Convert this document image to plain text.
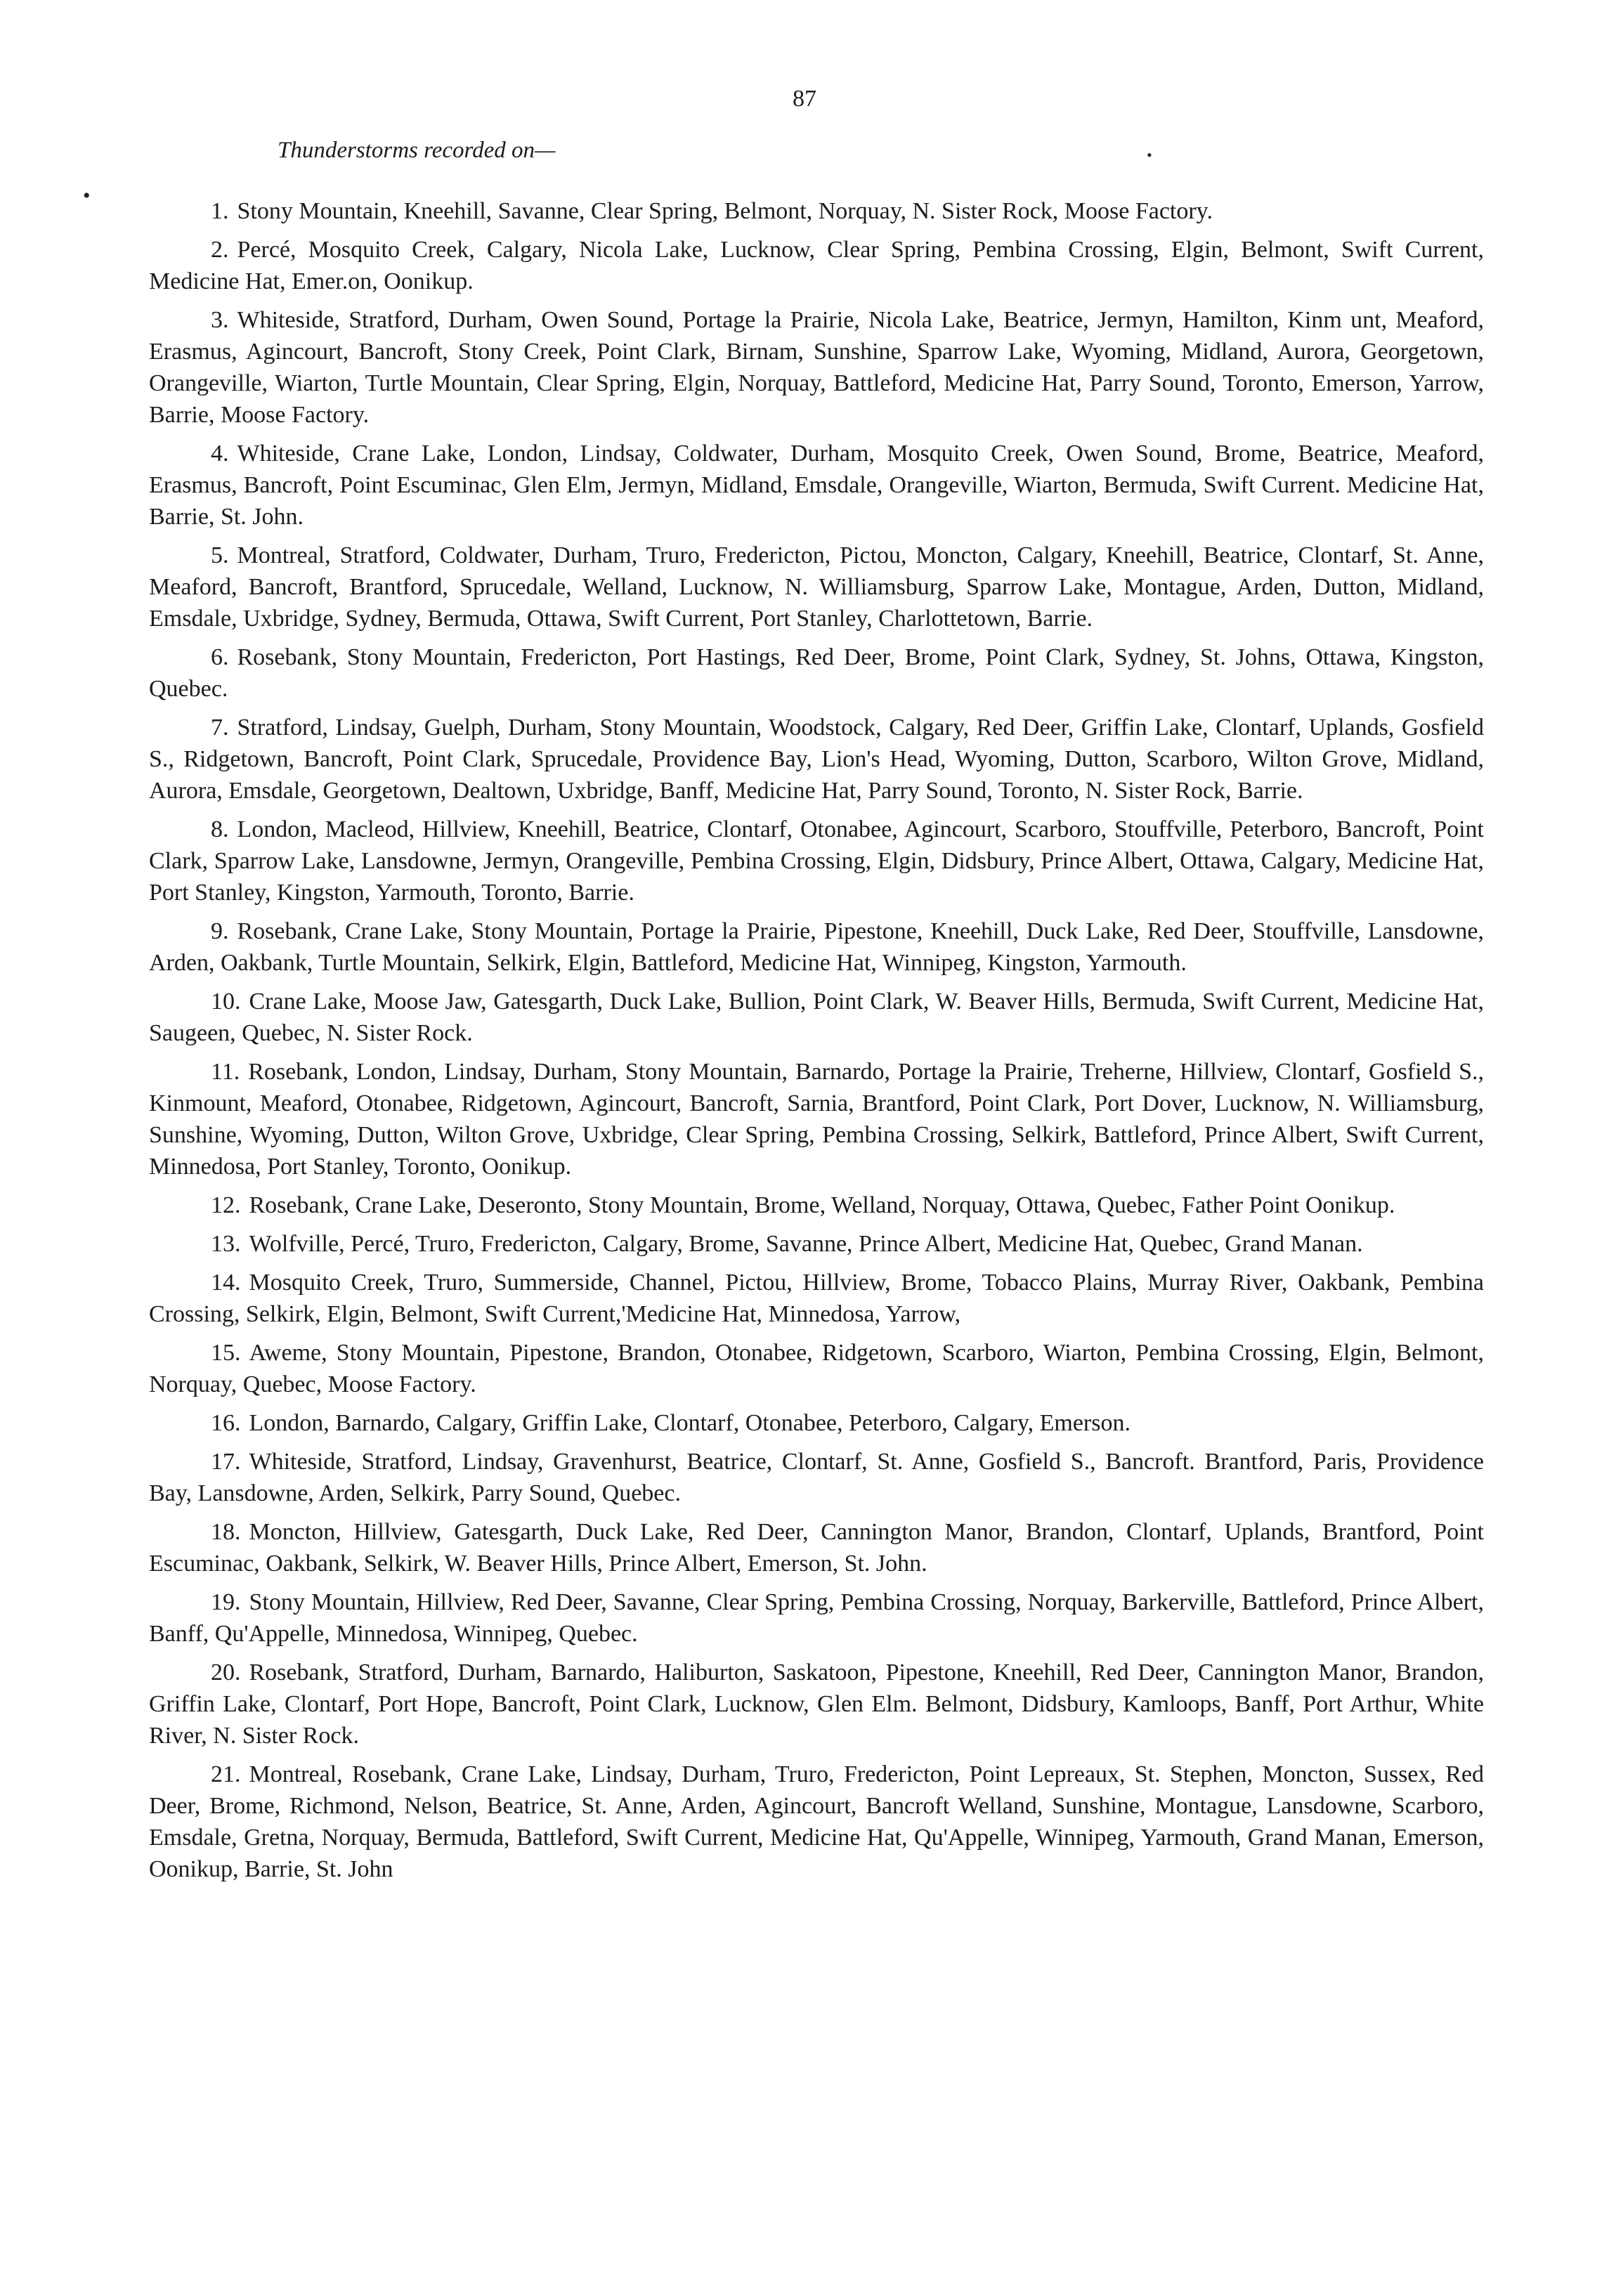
87
Thunderstorms recorded on—
•
•

1. Stony Mountain, Kneehill, Savanne, Clear Spring, Belmont, Norquay, N. Sister Rock, Moose Factory.

2. Percé, Mosquito Creek, Calgary, Nicola Lake, Lucknow, Clear Spring, Pembina Crossing, Elgin, Belmont, Swift Current, Medicine Hat, Emer.on, Oonikup.

3. Whiteside, Stratford, Durham, Owen Sound, Portage la Prairie, Nicola Lake, Beatrice, Jermyn, Hamilton, Kinm unt, Meaford, Erasmus, Agincourt, Bancroft, Stony Creek, Point Clark, Birnam, Sunshine, Sparrow Lake, Wyoming, Midland, Aurora, Georgetown, Orangeville, Wiarton, Turtle Mountain, Clear Spring, Elgin, Norquay, Battleford, Medicine Hat, Parry Sound, Toronto, Emerson, Yarrow, Barrie, Moose Factory.

4. Whiteside, Crane Lake, London, Lindsay, Coldwater, Durham, Mosquito Creek, Owen Sound, Brome, Beatrice, Meaford, Erasmus, Bancroft, Point Escuminac, Glen Elm, Jermyn, Midland, Emsdale, Orangeville, Wiarton, Bermuda, Swift Current. Medicine Hat, Barrie, St. John.

5. Montreal, Stratford, Coldwater, Durham, Truro, Fredericton, Pictou, Moncton, Calgary, Kneehill, Beatrice, Clontarf, St. Anne, Meaford, Bancroft, Brantford, Sprucedale, Welland, Lucknow, N. Williamsburg, Sparrow Lake, Montague, Arden, Dutton, Midland, Emsdale, Uxbridge, Sydney, Bermuda, Ottawa, Swift Current, Port Stanley, Charlottetown, Barrie.

6. Rosebank, Stony Mountain, Fredericton, Port Hastings, Red Deer, Brome, Point Clark, Sydney, St. Johns, Ottawa, Kingston, Quebec.

7. Stratford, Lindsay, Guelph, Durham, Stony Mountain, Woodstock, Calgary, Red Deer, Griffin Lake, Clontarf, Uplands, Gosfield S., Ridgetown, Bancroft, Point Clark, Sprucedale, Providence Bay, Lion's Head, Wyoming, Dutton, Scarboro, Wilton Grove, Midland, Aurora, Emsdale, Georgetown, Dealtown, Uxbridge, Banff, Medicine Hat, Parry Sound, Toronto, N. Sister Rock, Barrie.

8. London, Macleod, Hillview, Kneehill, Beatrice, Clontarf, Otonabee, Agincourt, Scarboro, Stouffville, Peterboro, Bancroft, Point Clark, Sparrow Lake, Lansdowne, Jermyn, Orangeville, Pembina Crossing, Elgin, Didsbury, Prince Albert, Ottawa, Calgary, Medicine Hat, Port Stanley, Kingston, Yarmouth, Toronto, Barrie.

9. Rosebank, Crane Lake, Stony Mountain, Portage la Prairie, Pipestone, Kneehill, Duck Lake, Red Deer, Stouffville, Lansdowne, Arden, Oakbank, Turtle Mountain, Selkirk, Elgin, Battleford, Medicine Hat, Winnipeg, Kingston, Yarmouth.

10. Crane Lake, Moose Jaw, Gatesgarth, Duck Lake, Bullion, Point Clark, W. Beaver Hills, Bermuda, Swift Current, Medicine Hat, Saugeen, Quebec, N. Sister Rock.

11. Rosebank, London, Lindsay, Durham, Stony Mountain, Barnardo, Portage la Prairie, Treherne, Hillview, Clontarf, Gosfield S., Kinmount, Meaford, Otonabee, Ridgetown, Agincourt, Bancroft, Sarnia, Brantford, Point Clark, Port Dover, Lucknow, N. Williamsburg, Sunshine, Wyoming, Dutton, Wilton Grove, Uxbridge, Clear Spring, Pembina Crossing, Selkirk, Battleford, Prince Albert, Swift Current, Minnedosa, Port Stanley, Toronto, Oonikup.

12. Rosebank, Crane Lake, Deseronto, Stony Mountain, Brome, Welland, Norquay, Ottawa, Quebec, Father Point Oonikup.

13. Wolfville, Percé, Truro, Fredericton, Calgary, Brome, Savanne, Prince Albert, Medicine Hat, Quebec, Grand Manan.

14. Mosquito Creek, Truro, Summerside, Channel, Pictou, Hillview, Brome, Tobacco Plains, Murray River, Oakbank, Pembina Crossing, Selkirk, Elgin, Belmont, Swift Current,'Medicine Hat, Minnedosa, Yarrow,

15. Aweme, Stony Mountain, Pipestone, Brandon, Otonabee, Ridgetown, Scarboro, Wiarton, Pembina Crossing, Elgin, Belmont, Norquay, Quebec, Moose Factory.

16. London, Barnardo, Calgary, Griffin Lake, Clontarf, Otonabee, Peterboro, Calgary, Emerson.

17. Whiteside, Stratford, Lindsay, Gravenhurst, Beatrice, Clontarf, St. Anne, Gosfield S., Bancroft. Brantford, Paris, Providence Bay, Lansdowne, Arden, Selkirk, Parry Sound, Quebec.

18. Moncton, Hillview, Gatesgarth, Duck Lake, Red Deer, Cannington Manor, Brandon, Clontarf, Uplands, Brantford, Point Escuminac, Oakbank, Selkirk, W. Beaver Hills, Prince Albert, Emerson, St. John.

19. Stony Mountain, Hillview, Red Deer, Savanne, Clear Spring, Pembina Crossing, Norquay, Barkerville, Battleford, Prince Albert, Banff, Qu'Appelle, Minnedosa, Winnipeg, Quebec.

20. Rosebank, Stratford, Durham, Barnardo, Haliburton, Saskatoon, Pipestone, Kneehill, Red Deer, Cannington Manor, Brandon, Griffin Lake, Clontarf, Port Hope, Bancroft, Point Clark, Lucknow, Glen Elm. Belmont, Didsbury, Kamloops, Banff, Port Arthur, White River, N. Sister Rock.

21. Montreal, Rosebank, Crane Lake, Lindsay, Durham, Truro, Fredericton, Point Lepreaux, St. Stephen, Moncton, Sussex, Red Deer, Brome, Richmond, Nelson, Beatrice, St. Anne, Arden, Agincourt, Bancroft Welland, Sunshine, Montague, Lansdowne, Scarboro, Emsdale, Gretna, Norquay, Bermuda, Battleford, Swift Current, Medicine Hat, Qu'Appelle, Winnipeg, Yarmouth, Grand Manan, Emerson, Oonikup, Barrie, St. John
